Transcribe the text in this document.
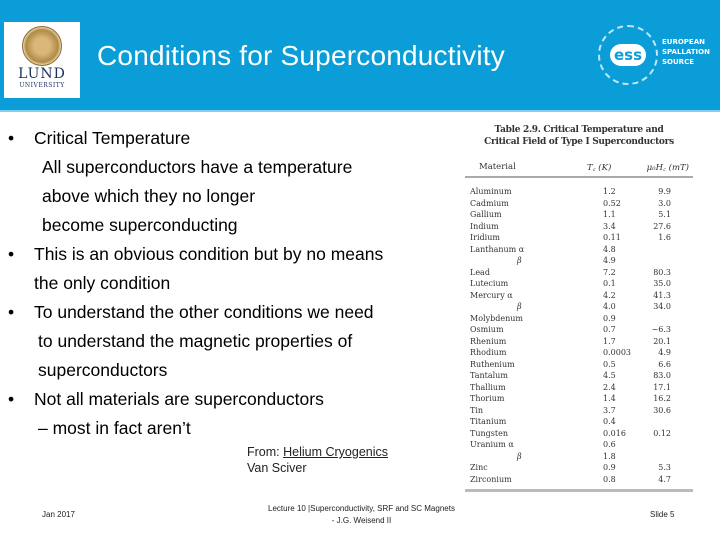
LUND
UNIVERSITY
Conditions for Superconductivity	ess
EUROPEAN
SPALLATION
SOURCE
• Critical Temperature
All superconductors have a temperature
above which they no longer
become superconducting
• This is an obvious condition but by no means
the only condition
• To understand the other conditions we need
to understand the magnetic properties of
superconductors
• Not all materials are superconductors
– most in fact aren’t
From: Helium Cryogenics
Van Sciver
Table 2.9. Critical Temperature and
Critical Field of Type I Superconductors
Material	T꜀ (K)	μ₀H꜀ (mT)
Aluminum	1.2	9.9
Cadmium	0.52	3.0
Gallium	1.1	5.1
Indium	3.4	27.6
Iridium	0.11	1.6
Lanthanum α	4.8
β	4.9
Lead	7.2	80.3
Lutecium	0.1	35.0
Mercury α	4.2	41.3
β	4.0	34.0
Molybdenum	0.9
Osmium	0.7	~6.3
Rhenium	1.7	20.1
Rhodium	0.0003	4.9
Ruthenium	0.5	6.6
Tantalum	4.5	83.0
Thallium	2.4	17.1
Thorium	1.4	16.2
Tin	3.7	30.6
Titanium	0.4
Tungsten	0.016	0.12
Uranium α	0.6
β	1.8
Zinc	0.9	5.3
Zirconium	0.8	4.7
Jan 2017
Lecture 10 |Superconductivity, SRF and SC Magnets
- J.G. Weisend II
Slide 5
